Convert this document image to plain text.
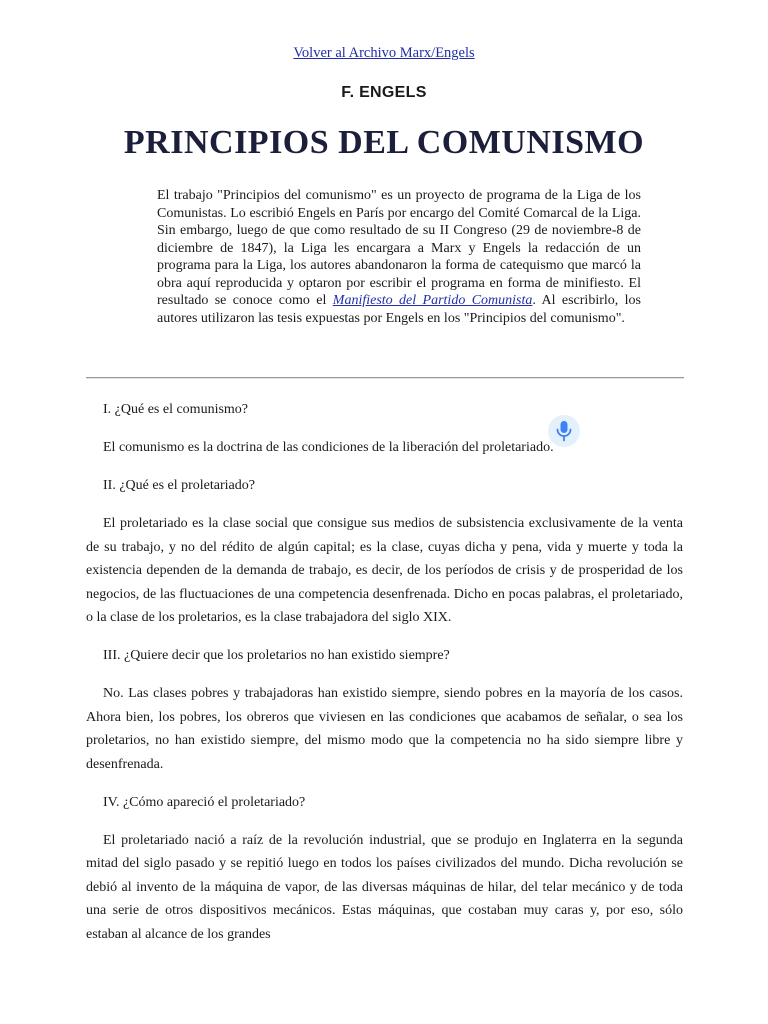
Volver al Archivo Marx/Engels
F. ENGELS
PRINCIPIOS DEL COMUNISMO
El trabajo "Principios del comunismo" es un proyecto de programa de la Liga de los Comunistas. Lo escribió Engels en París por encargo del Comité Comarcal de la Liga. Sin embargo, luego de que como resultado de su II Congreso (29 de noviembre-8 de diciembre de 1847), la Liga les encargara a Marx y Engels la redacción de un programa para la Liga, los autores abandonaron la forma de catequismo que marcó la obra aquí reproducida y optaron por escribir el programa en forma de minifiesto. El resultado se conoce como el Manifiesto del Partido Comunista. Al escribirlo, los autores utilizaron las tesis expuestas por Engels en los "Principios del comunismo".

I. ¿Qué es el comunismo?

El comunismo es la doctrina de las condiciones de la liberación del proletariado.

II. ¿Qué es el proletariado?

El proletariado es la clase social que consigue sus medios de subsistencia exclusivamente de la venta de su trabajo, y no del rédito de algún capital; es la clase, cuyas dicha y pena, vida y muerte y toda la existencia dependen de la demanda de trabajo, es decir, de los períodos de crisis y de prosperidad de los negocios, de las fluctuaciones de una competencia desenfrenada. Dicho en pocas palabras, el proletariado, o la clase de los proletarios, es la clase trabajadora del siglo XIX.

III. ¿Quiere decir que los proletarios no han existido siempre?

No. Las clases pobres y trabajadoras han existido siempre, siendo pobres en la mayoría de los casos. Ahora bien, los pobres, los obreros que viviesen en las condiciones que acabamos de señalar, o sea los proletarios, no han existido siempre, del mismo modo que la competencia no ha sido siempre libre y desenfrenada.

IV. ¿Cómo apareció el proletariado?

El proletariado nació a raíz de la revolución industrial, que se produjo en Inglaterra en la segunda mitad del siglo pasado y se repitió luego en todos los países civilizados del mundo. Dicha revolución se debió al invento de la máquina de vapor, de las diversas máquinas de hilar, del telar mecánico y de toda una serie de otros dispositivos mecánicos. Estas máquinas, que costaban muy caras y, por eso, sólo estaban al alcance de los grandes
